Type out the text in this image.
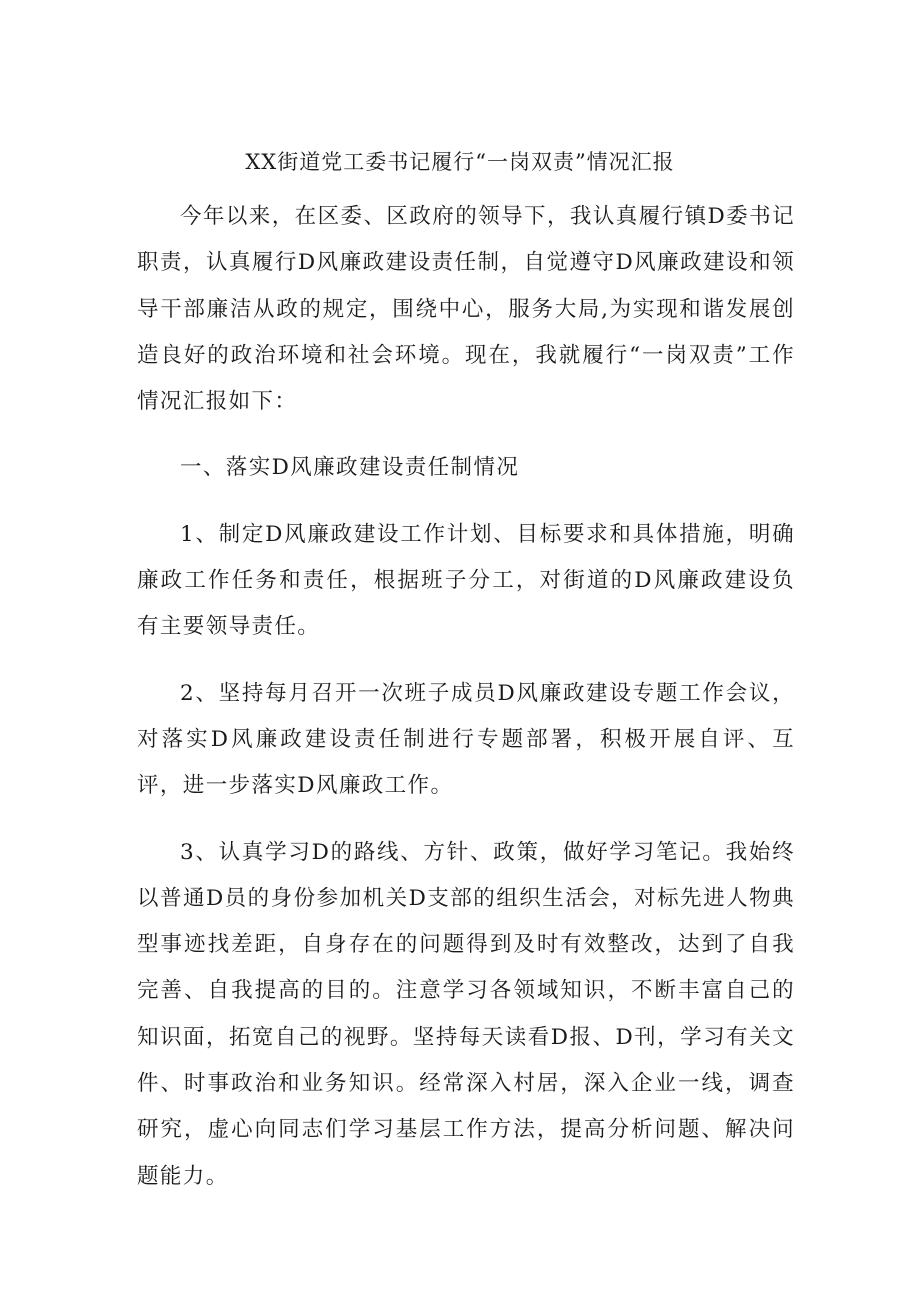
XX街道党工委书记履行“一岗双责”情况汇报

今年以来，在区委、区政府的领导下，我认真履行镇D委书记职责，认真履行D风廉政建设责任制，自觉遵守D风廉政建设和领导干部廉洁从政的规定，围绕中心，服务大局,为实现和谐发展创造良好的政治环境和社会环境。现在，我就履行“一岗双责”工作情况汇报如下：

一、落实D风廉政建设责任制情况

1、制定D风廉政建设工作计划、目标要求和具体措施，明确廉政工作任务和责任，根据班子分工，对街道的D风廉政建设负有主要领导责任。

2、坚持每月召开一次班子成员D风廉政建设专题工作会议，对落实D风廉政建设责任制进行专题部署，积极开展自评、互评，进一步落实D风廉政工作。

3、认真学习D的路线、方针、政策，做好学习笔记。我始终以普通D员的身份参加机关D支部的组织生活会，对标先进人物典型事迹找差距，自身存在的问题得到及时有效整改，达到了自我完善、自我提高的目的。注意学习各领域知识，不断丰富自己的知识面，拓宽自己的视野。坚持每天读看D报、D刊，学习有关文件、时事政治和业务知识。经常深入村居，深入企业一线，调查研究，虚心向同志们学习基层工作方法，提高分析问题、解决问题能力。
